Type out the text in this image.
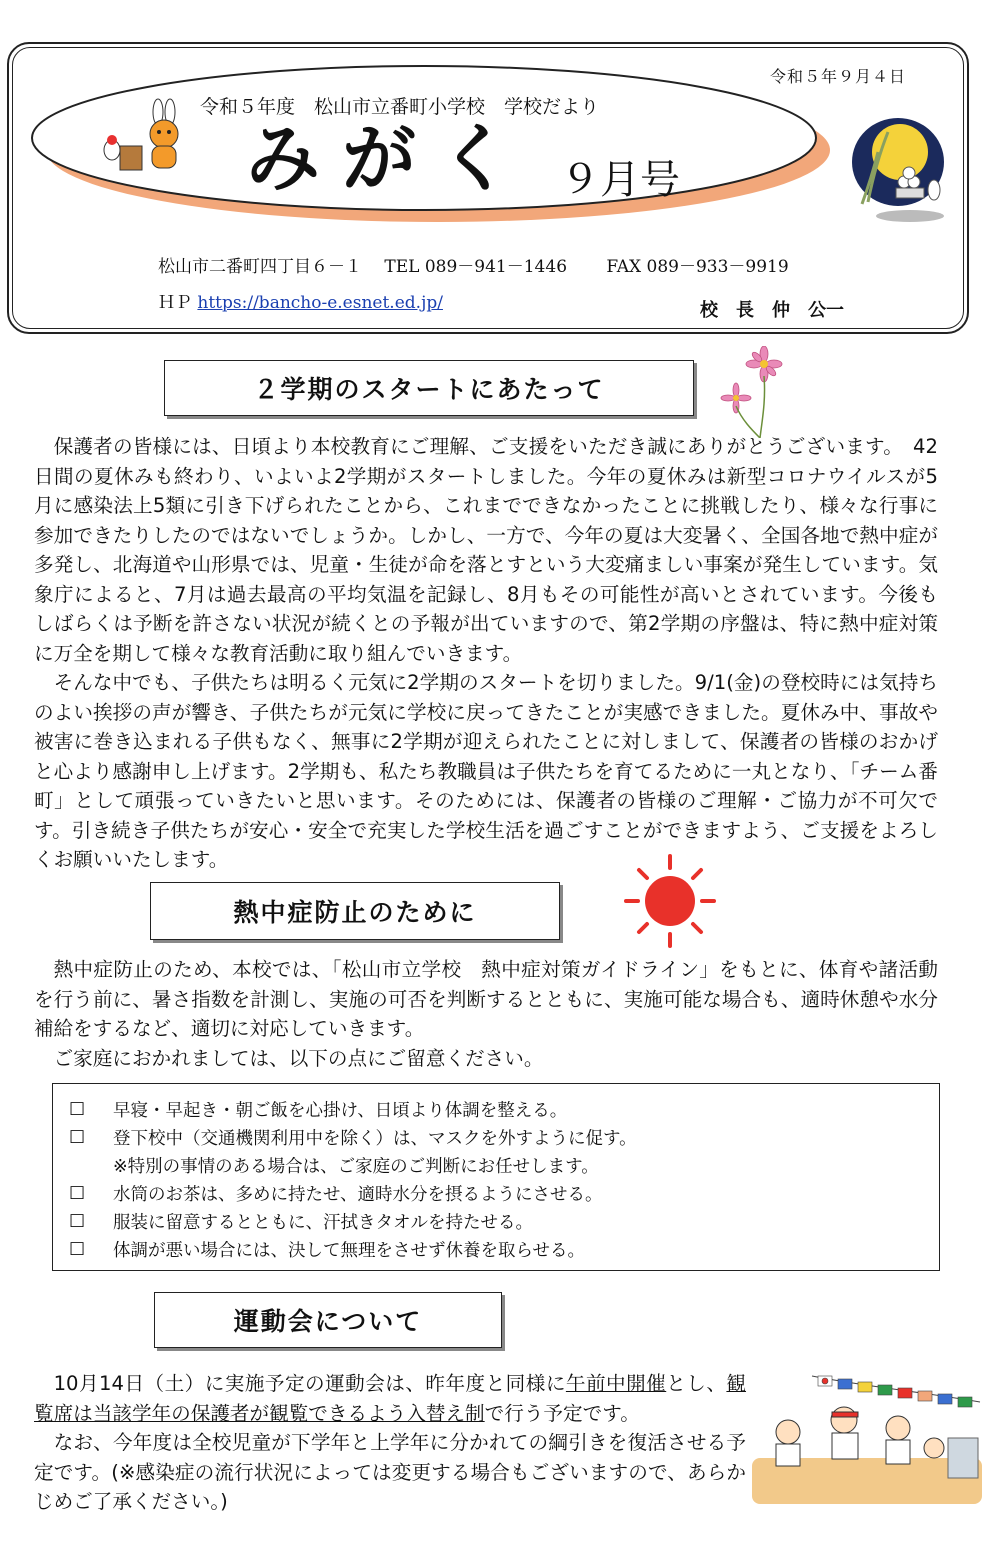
令和５年９月４日
令和５年度　松山市立番町小学校　学校だより
みがく ９月号
松山市二番町四丁目６－１　 TEL 089－941－1446　　 FAX 089－933－9919
ＨＰ https://bancho-e.esnet.ed.jp/	校　長　仲　公一
２学期のスタートにあたって
保護者の皆様には、日頃より本校教育にご理解、ご支援をいただき誠にありがとうございます。　42　日間の夏休みも終わり、いよいよ2学期がスタートしました。今年の夏休みは新型コロナウイルスが5月に感染法上5類に引き下げられたことから、これまでできなかったことに挑戦したり、様々な行事に参加できたりしたのではないでしょうか。しかし、一方で、今年の夏は大変暑く、全国各地で熱中症が多発し、北海道や山形県では、児童・生徒が命を落とすという大変痛ましい事案が発生しています。気象庁によると、7月は過去最高の平均気温を記録し、8月もその可能性が高いとされています。今後もしばらくは予断を許さない状況が続くとの予報が出ていますので、第2学期の序盤は、特に熱中症対策に万全を期して様々な教育活動に取り組んでいきます。
そんな中でも、子供たちは明るく元気に2学期のスタートを切りました。9/1(金)の登校時には気持ちのよい挨拶の声が響き、子供たちが元気に学校に戻ってきたことが実感できました。夏休み中、事故や被害に巻き込まれる子供もなく、無事に2学期が迎えられたことに対しまして、保護者の皆様のおかげと心より感謝申し上げます。2学期も、私たち教職員は子供たちを育てるために一丸となり、「チーム番町」として頑張っていきたいと思います。そのためには、保護者の皆様のご理解・ご協力が不可欠です。引き続き子供たちが安心・安全で充実した学校生活を過ごすことができますよう、ご支援をよろしくお願いいたします。
熱中症防止のために
熱中症防止のため、本校では、「松山市立学校　熱中症対策ガイドライン」をもとに、体育や諸活動を行う前に、暑さ指数を計測し、実施の可否を判断するとともに、実施可能な場合も、適時休憩や水分補給をするなど、適切に対応していきます。
ご家庭におかれましては、以下の点にご留意ください。
□ 早寝・早起き・朝ご飯を心掛け、日頃より体調を整える。
□ 登下校中（交通機関利用中を除く）は、マスクを外すように促す。
※特別の事情のある場合は、ご家庭のご判断にお任せします。
□ 水筒のお茶は、多めに持たせ、適時水分を摂るようにさせる。
□ 服装に留意するとともに、汗拭きタオルを持たせる。
□ 体調が悪い場合には、決して無理をさせず休養を取らせる。
運動会について
10月14日（土）に実施予定の運動会は、昨年度と同様に午前中開催とし、観覧席は当該学年の保護者が観覧できるよう入替え制で行う予定です。
なお、今年度は全校児童が下学年と上学年に分かれての綱引きを復活させる予定です。(※感染症の流行状況によっては変更する場合もございますので、あらかじめご了承ください。)
